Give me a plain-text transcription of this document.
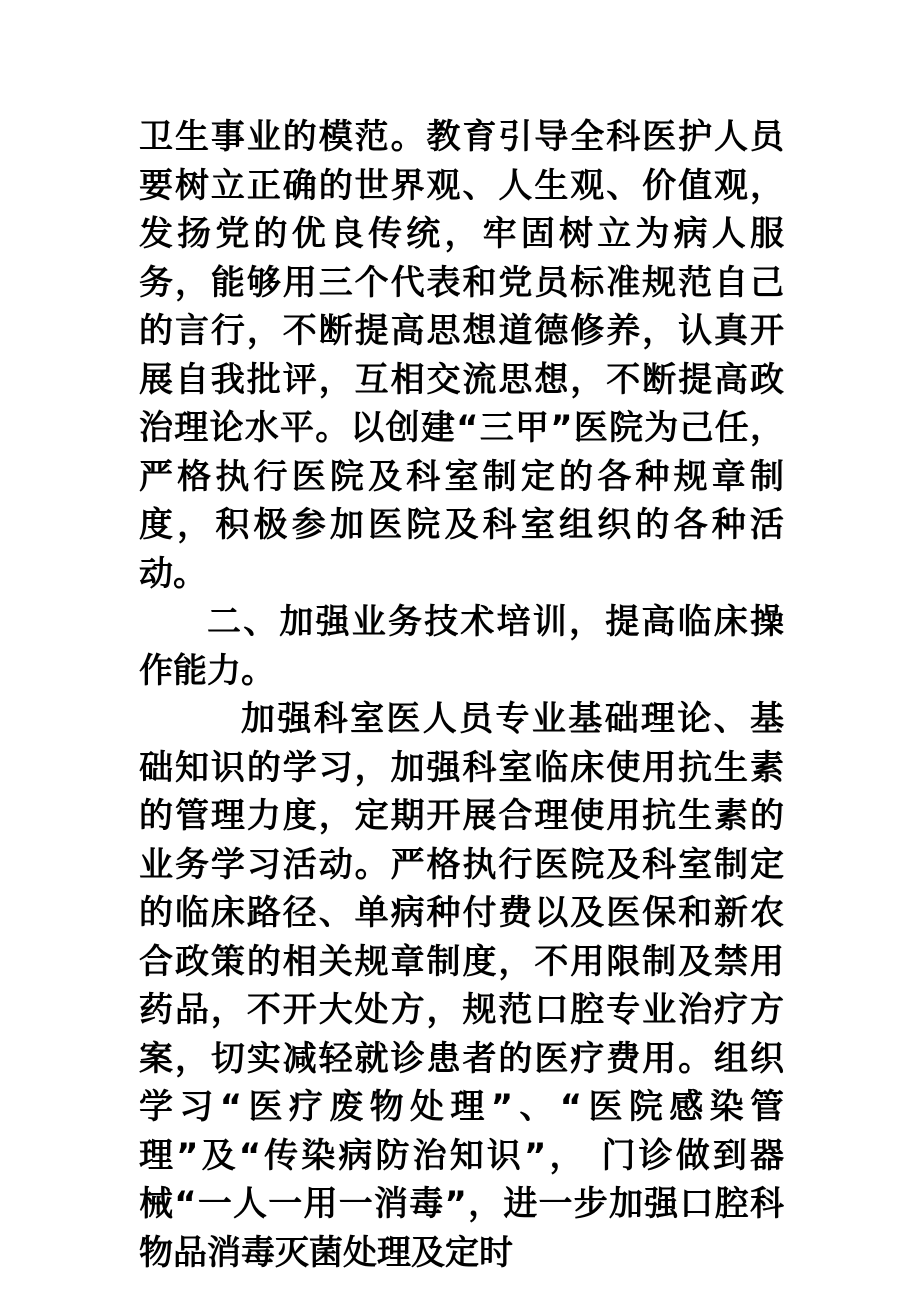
卫生事业的模范。教育引导全科医护人员要树立正确的世界观、人生观、价值观，发扬党的优良传统，牢固树立为病人服务，能够用三个代表和党员标准规范自己的言行，不断提高思想道德修养，认真开展自我批评，互相交流思想，不断提高政治理论水平。以创建“三甲”医院为己任，严格执行医院及科室制定的各种规章制度，积极参加医院及科室组织的各种活动。

二、加强业务技术培训，提高临床操作能力。

加强科室医人员专业基础理论、基础知识的学习，加强科室临床使用抗生素的管理力度，定期开展合理使用抗生素的业务学习活动。严格执行医院及科室制定的临床路径、单病种付费以及医保和新农合政策的相关规章制度，不用限制及禁用药品，不开大处方，规范口腔专业治疗方案，切实减轻就诊患者的医疗费用。组织学习“医疗废物处理”、“医院感染管理”及“传染病防治知识”， 门诊做到器械“一人一用一消毒”，进一步加强口腔科物品消毒灭菌处理及定时
